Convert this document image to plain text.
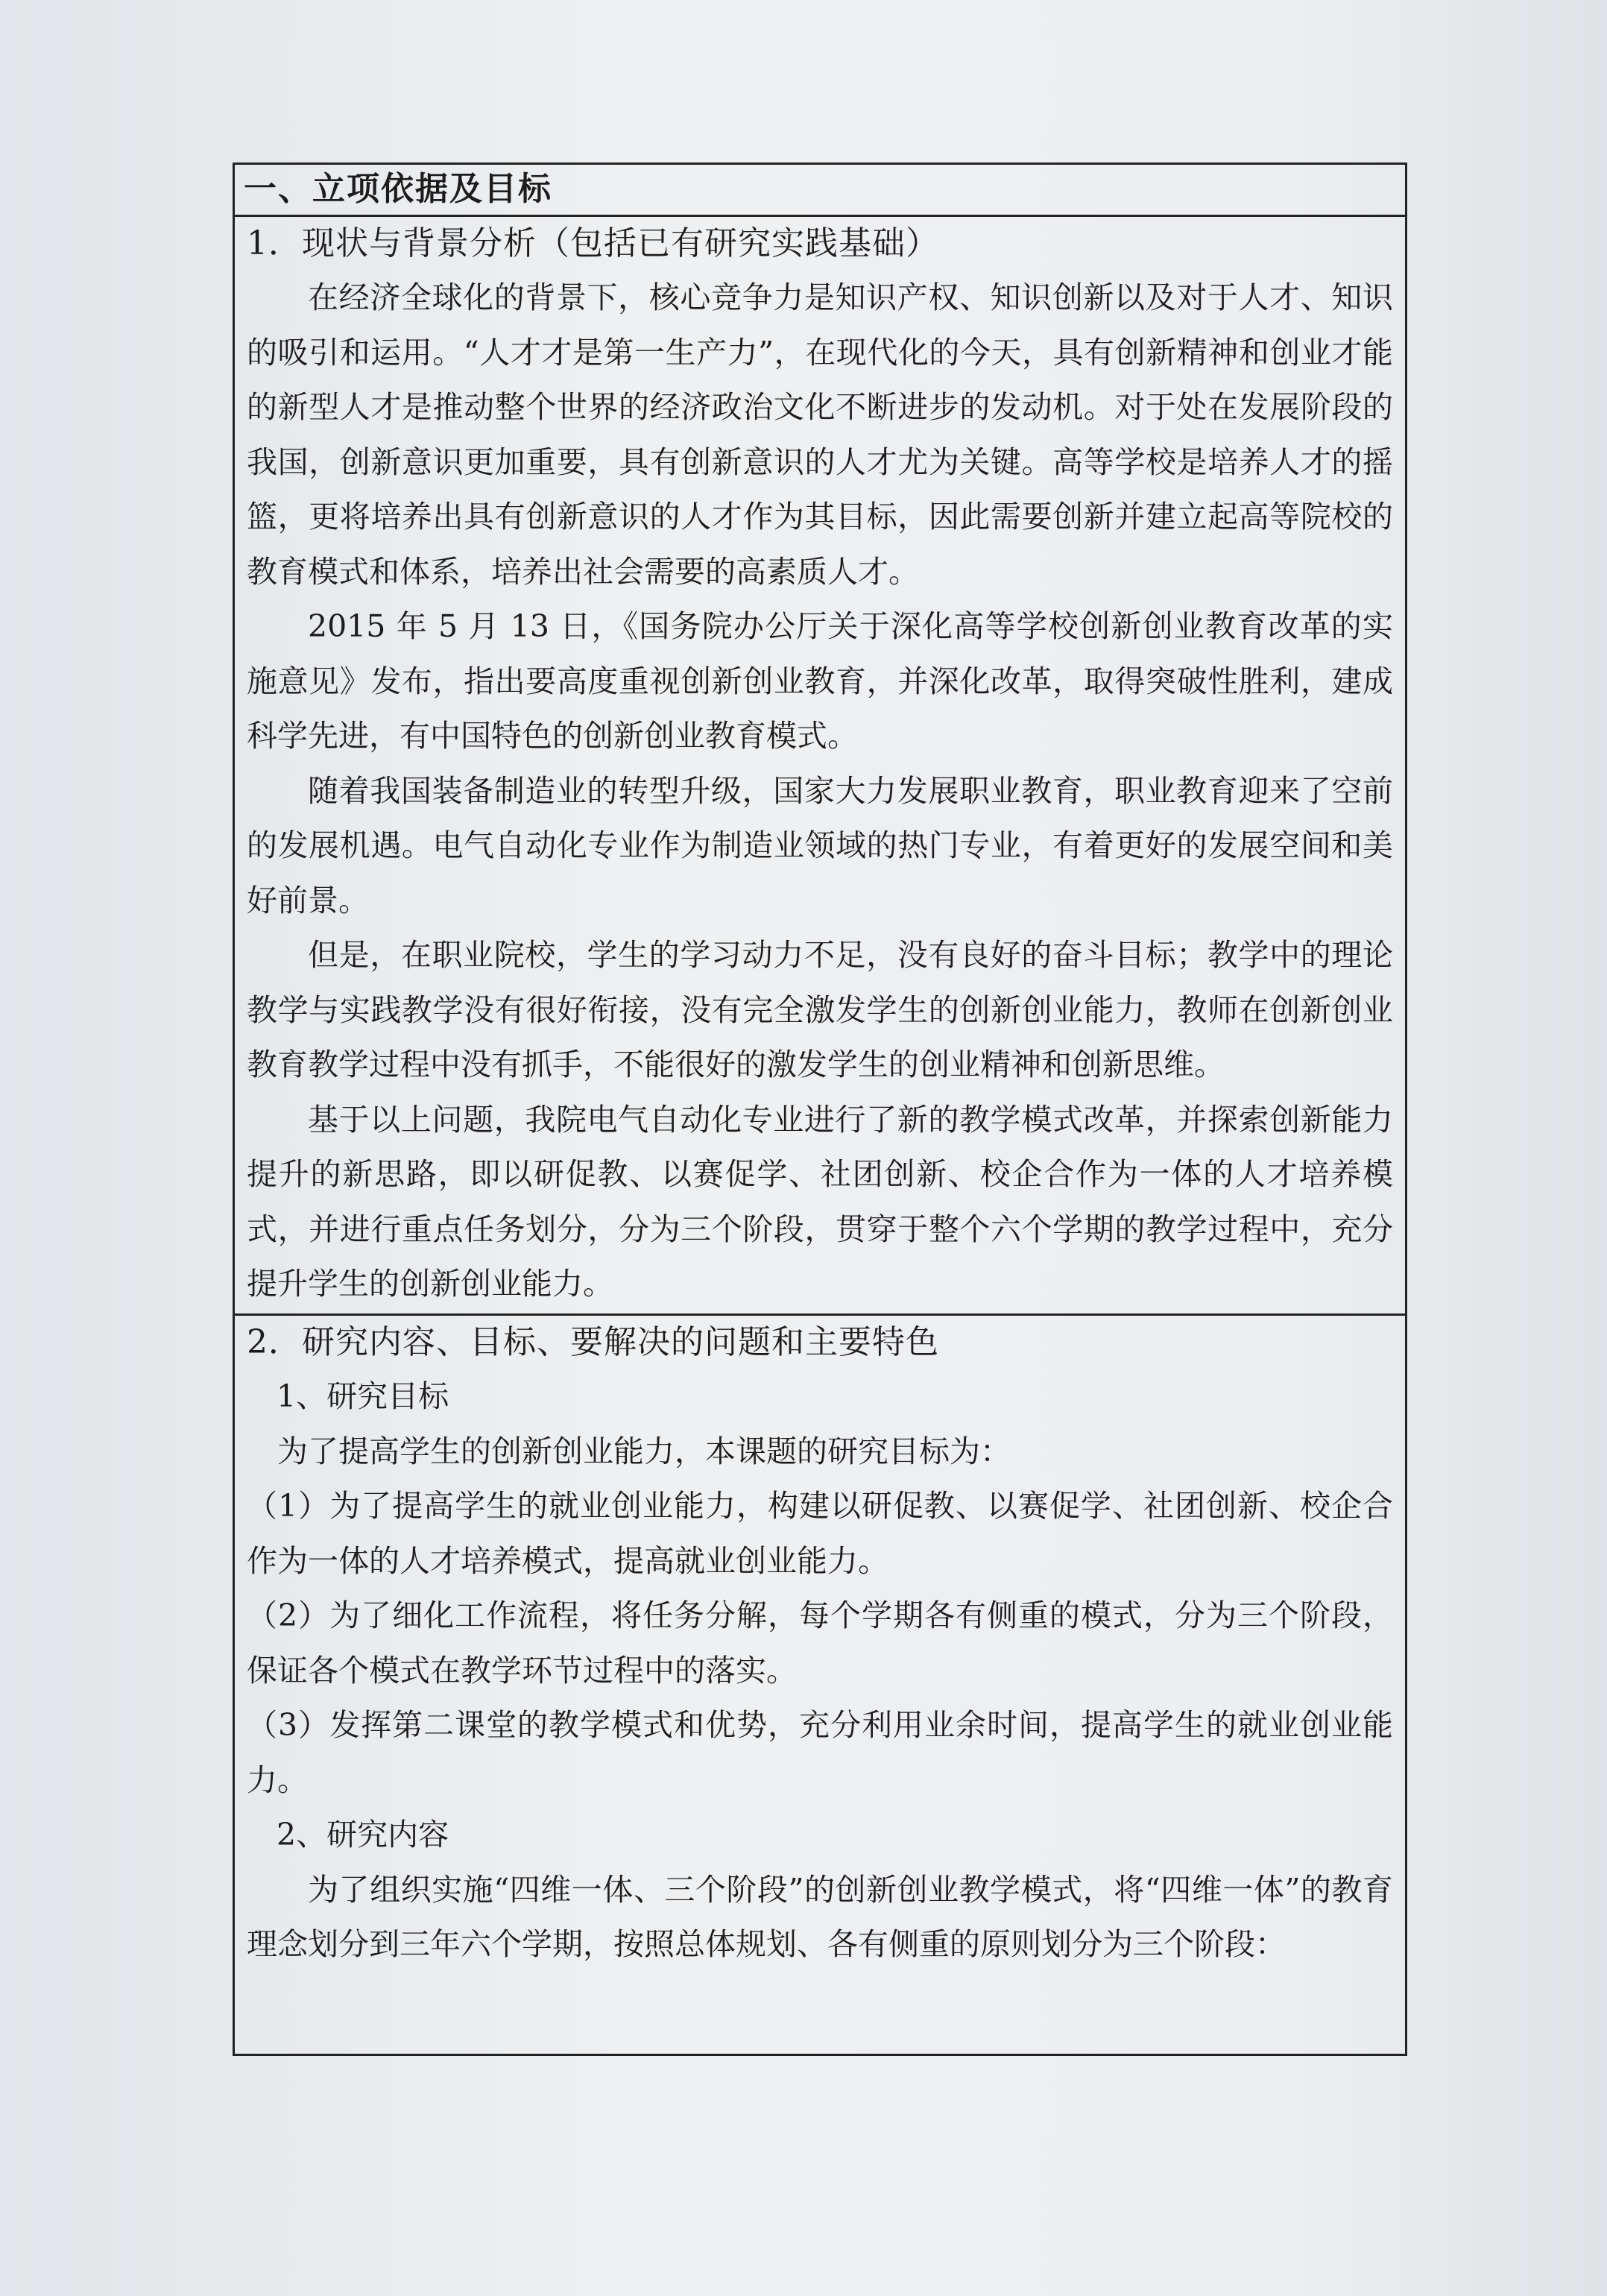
一、立项依据及目标
1．现状与背景分析（包括已有研究实践基础）

在经济全球化的背景下，核心竞争力是知识产权、知识创新以及对于人才、知识的吸引和运用。“人才才是第一生产力”，在现代化的今天，具有创新精神和创业才能的新型人才是推动整个世界的经济政治文化不断进步的发动机。对于处在发展阶段的我国，创新意识更加重要，具有创新意识的人才尤为关键。高等学校是培养人才的摇篮，更将培养出具有创新意识的人才作为其目标，因此需要创新并建立起高等院校的教育模式和体系，培养出社会需要的高素质人才。

2015 年 5 月 13 日，《国务院办公厅关于深化高等学校创新创业教育改革的实施意见》发布，指出要高度重视创新创业教育，并深化改革，取得突破性胜利，建成科学先进，有中国特色的创新创业教育模式。

随着我国装备制造业的转型升级，国家大力发展职业教育，职业教育迎来了空前的发展机遇。电气自动化专业作为制造业领域的热门专业，有着更好的发展空间和美好前景。

但是，在职业院校，学生的学习动力不足，没有良好的奋斗目标；教学中的理论教学与实践教学没有很好衔接，没有完全激发学生的创新创业能力，教师在创新创业教育教学过程中没有抓手，不能很好的激发学生的创业精神和创新思维。

基于以上问题，我院电气自动化专业进行了新的教学模式改革，并探索创新能力提升的新思路，即以研促教、以赛促学、社团创新、校企合作为一体的人才培养模式，并进行重点任务划分，分为三个阶段，贯穿于整个六个学期的教学过程中，充分提升学生的创新创业能力。

2．研究内容、目标、要解决的问题和主要特色

1、研究目标

为了提高学生的创新创业能力，本课题的研究目标为：

（1）为了提高学生的就业创业能力，构建以研促教、以赛促学、社团创新、校企合作为一体的人才培养模式，提高就业创业能力。

（2）为了细化工作流程，将任务分解，每个学期各有侧重的模式，分为三个阶段，保证各个模式在教学环节过程中的落实。

（3）发挥第二课堂的教学模式和优势，充分利用业余时间，提高学生的就业创业能力。

2、研究内容

为了组织实施“四维一体、三个阶段”的创新创业教学模式，将“四维一体”的教育理念划分到三年六个学期，按照总体规划、各有侧重的原则划分为三个阶段：
